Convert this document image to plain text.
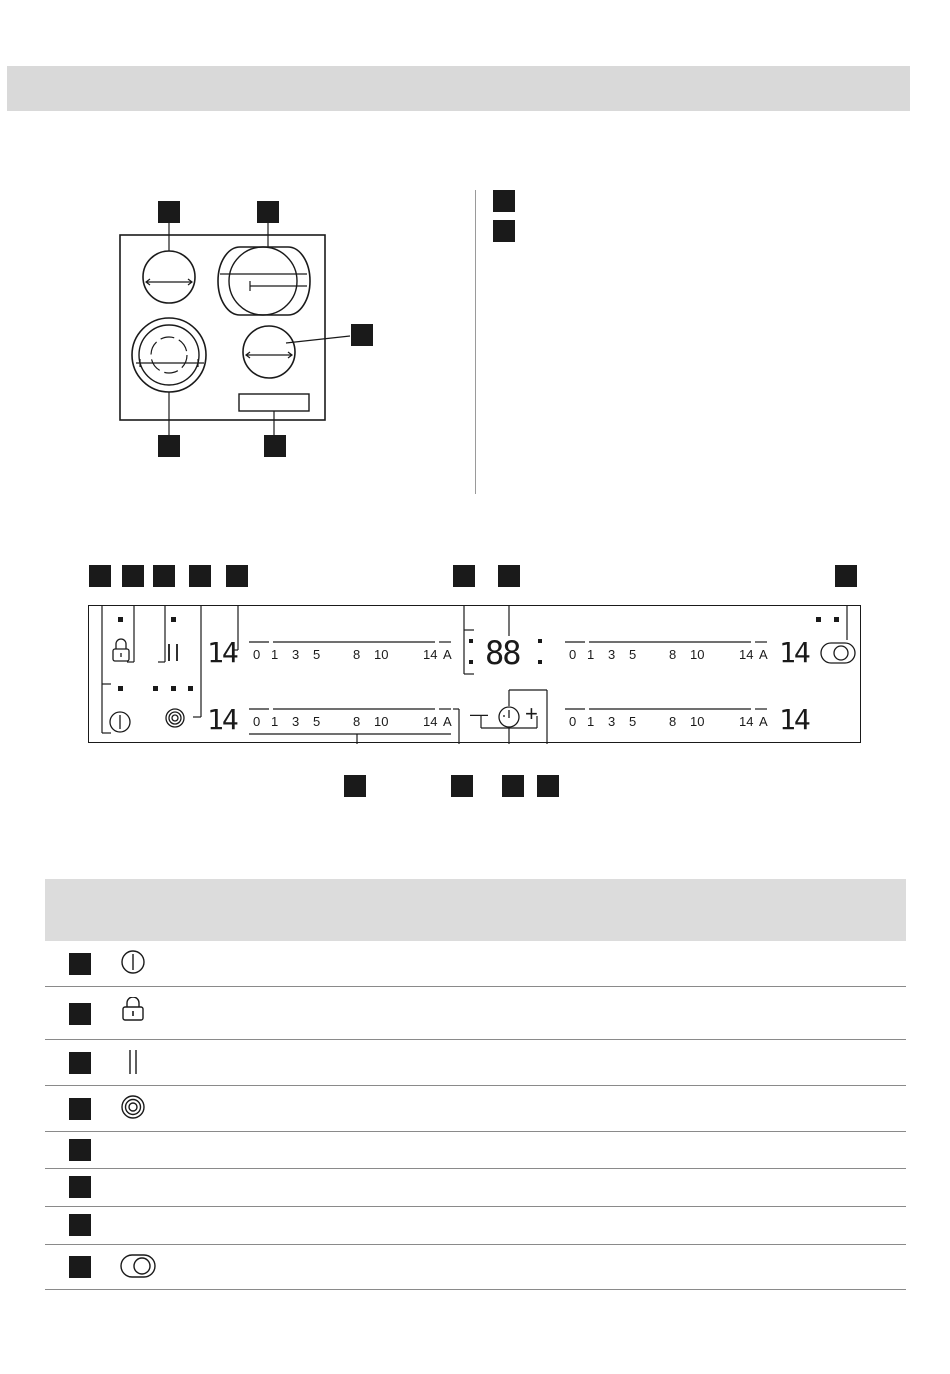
14
14
14
14
88
— +
0 1 3 5	8 10	14 A
0 1 3 5	8 10	14 A
0 1 3 5	8 10	14 A
0 1 3 5	8 10	14 A
